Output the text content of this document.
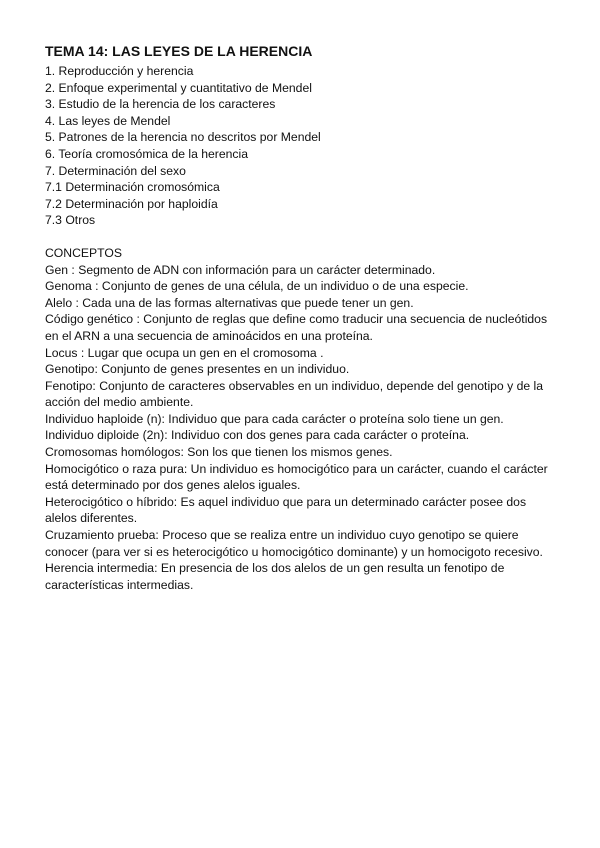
TEMA 14: LAS LEYES DE LA HERENCIA
1. Reproducción y herencia
2. Enfoque experimental y cuantitativo de Mendel
3. Estudio de la herencia de los caracteres
4. Las leyes de Mendel
5. Patrones de la herencia no descritos por Mendel
6. Teoría cromosómica de la herencia
7. Determinación del sexo
7.1 Determinación cromosómica
7.2 Determinación por haploidía
7.3 Otros
CONCEPTOS
Gen : Segmento de ADN con información para un carácter determinado.
Genoma : Conjunto de genes de una célula, de un individuo o de una especie.
Alelo : Cada una de las formas alternativas que puede tener un gen.
Código genético : Conjunto de reglas que define como traducir una secuencia de nucleótidos en el ARN a una secuencia de aminoácidos en una proteína.
Locus : Lugar que ocupa un gen en el cromosoma .
Genotipo: Conjunto de genes presentes en un individuo.
Fenotipo: Conjunto de caracteres observables en un individuo, depende del genotipo y de la acción del medio ambiente.
Individuo haploide (n): Individuo que para cada carácter o proteína solo tiene un gen.
Individuo diploide (2n): Individuo con dos genes para cada carácter o proteína.
Cromosomas homólogos: Son los que tienen los mismos genes.
Homocigótico o raza pura: Un individuo es homocigótico para un carácter, cuando el carácter está determinado por dos genes alelos iguales.
Heterocigótico o híbrido: Es aquel individuo que para un determinado carácter posee dos alelos diferentes.
Cruzamiento prueba: Proceso que se realiza entre un individuo cuyo genotipo se quiere conocer (para ver si es heterocigótico u homocigótico dominante) y un homocigoto recesivo.
Herencia intermedia: En presencia de los dos alelos de un gen resulta un fenotipo de características intermedias.
